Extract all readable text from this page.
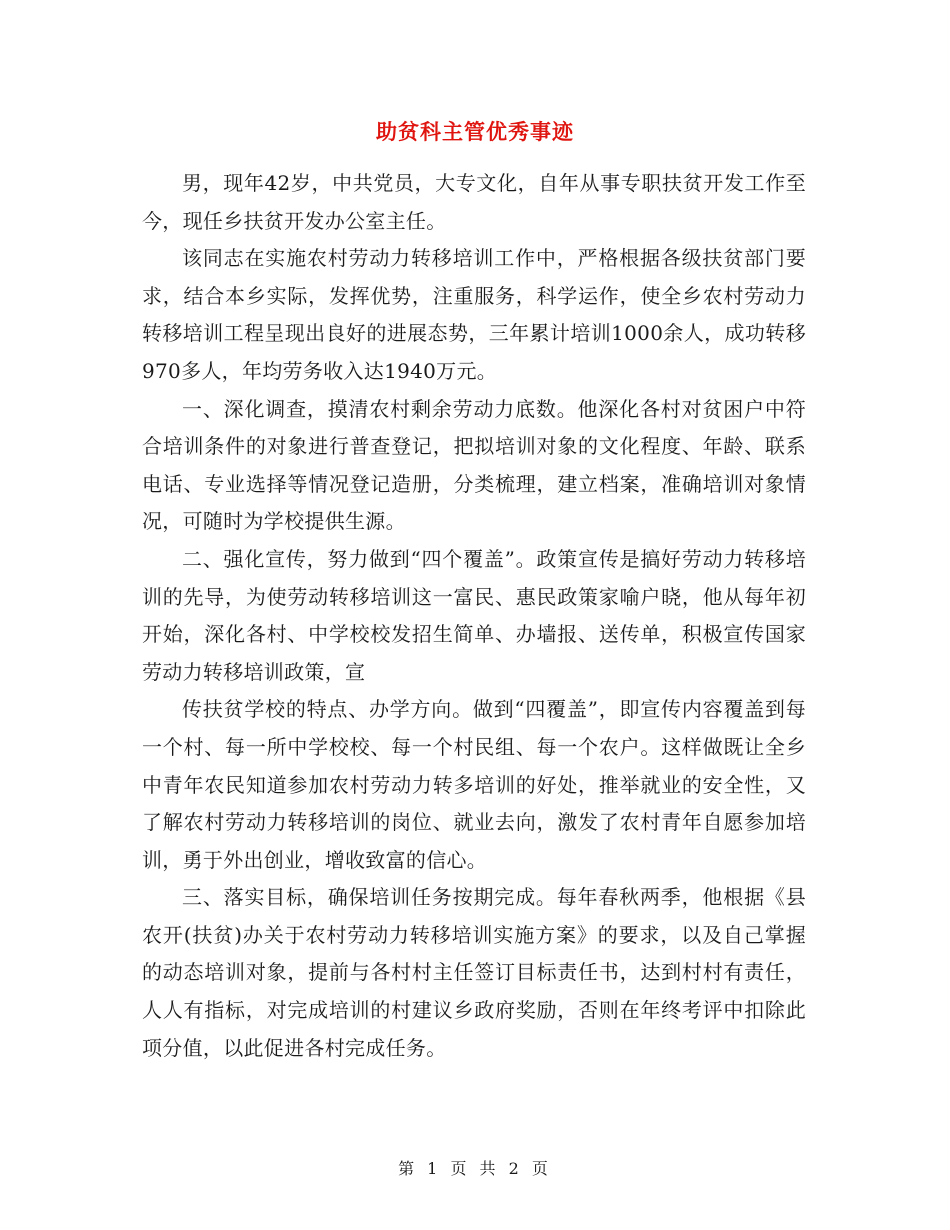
助贫科主管优秀事迹

男，现年42岁，中共党员，大专文化，自年从事专职扶贫开发工作至今，现任乡扶贫开发办公室主任。

该同志在实施农村劳动力转移培训工作中，严格根据各级扶贫部门要求，结合本乡实际，发挥优势，注重服务，科学运作，使全乡农村劳动力转移培训工程呈现出良好的进展态势，三年累计培训1000余人，成功转移970多人，年均劳务收入达1940万元。

一、深化调查，摸清农村剩余劳动力底数。他深化各村对贫困户中符合培训条件的对象进行普查登记，把拟培训对象的文化程度、年龄、联系电话、专业选择等情况登记造册，分类梳理，建立档案，准确培训对象情况，可随时为学校提供生源。

二、强化宣传，努力做到“四个覆盖”。政策宣传是搞好劳动力转移培训的先导，为使劳动转移培训这一富民、惠民政策家喻户晓，他从每年初开始，深化各村、中学校校发招生简单、办墙报、送传单，积极宣传国家劳动力转移培训政策，宣

传扶贫学校的特点、办学方向。做到“四覆盖”，即宣传内容覆盖到每一个村、每一所中学校校、每一个村民组、每一个农户。这样做既让全乡中青年农民知道参加农村劳动力转多培训的好处，推举就业的安全性，又了解农村劳动力转移培训的岗位、就业去向，激发了农村青年自愿参加培训，勇于外出创业，增收致富的信心。

三、落实目标，确保培训任务按期完成。每年春秋两季，他根据《县农开(扶贫)办关于农村劳动力转移培训实施方案》的要求，以及自己掌握的动态培训对象，提前与各村村主任签订目标责任书，达到村村有责任，人人有指标，对完成培训的村建议乡政府奖励，否则在年终考评中扣除此项分值，以此促进各村完成任务。

第 1 页 共 2 页
